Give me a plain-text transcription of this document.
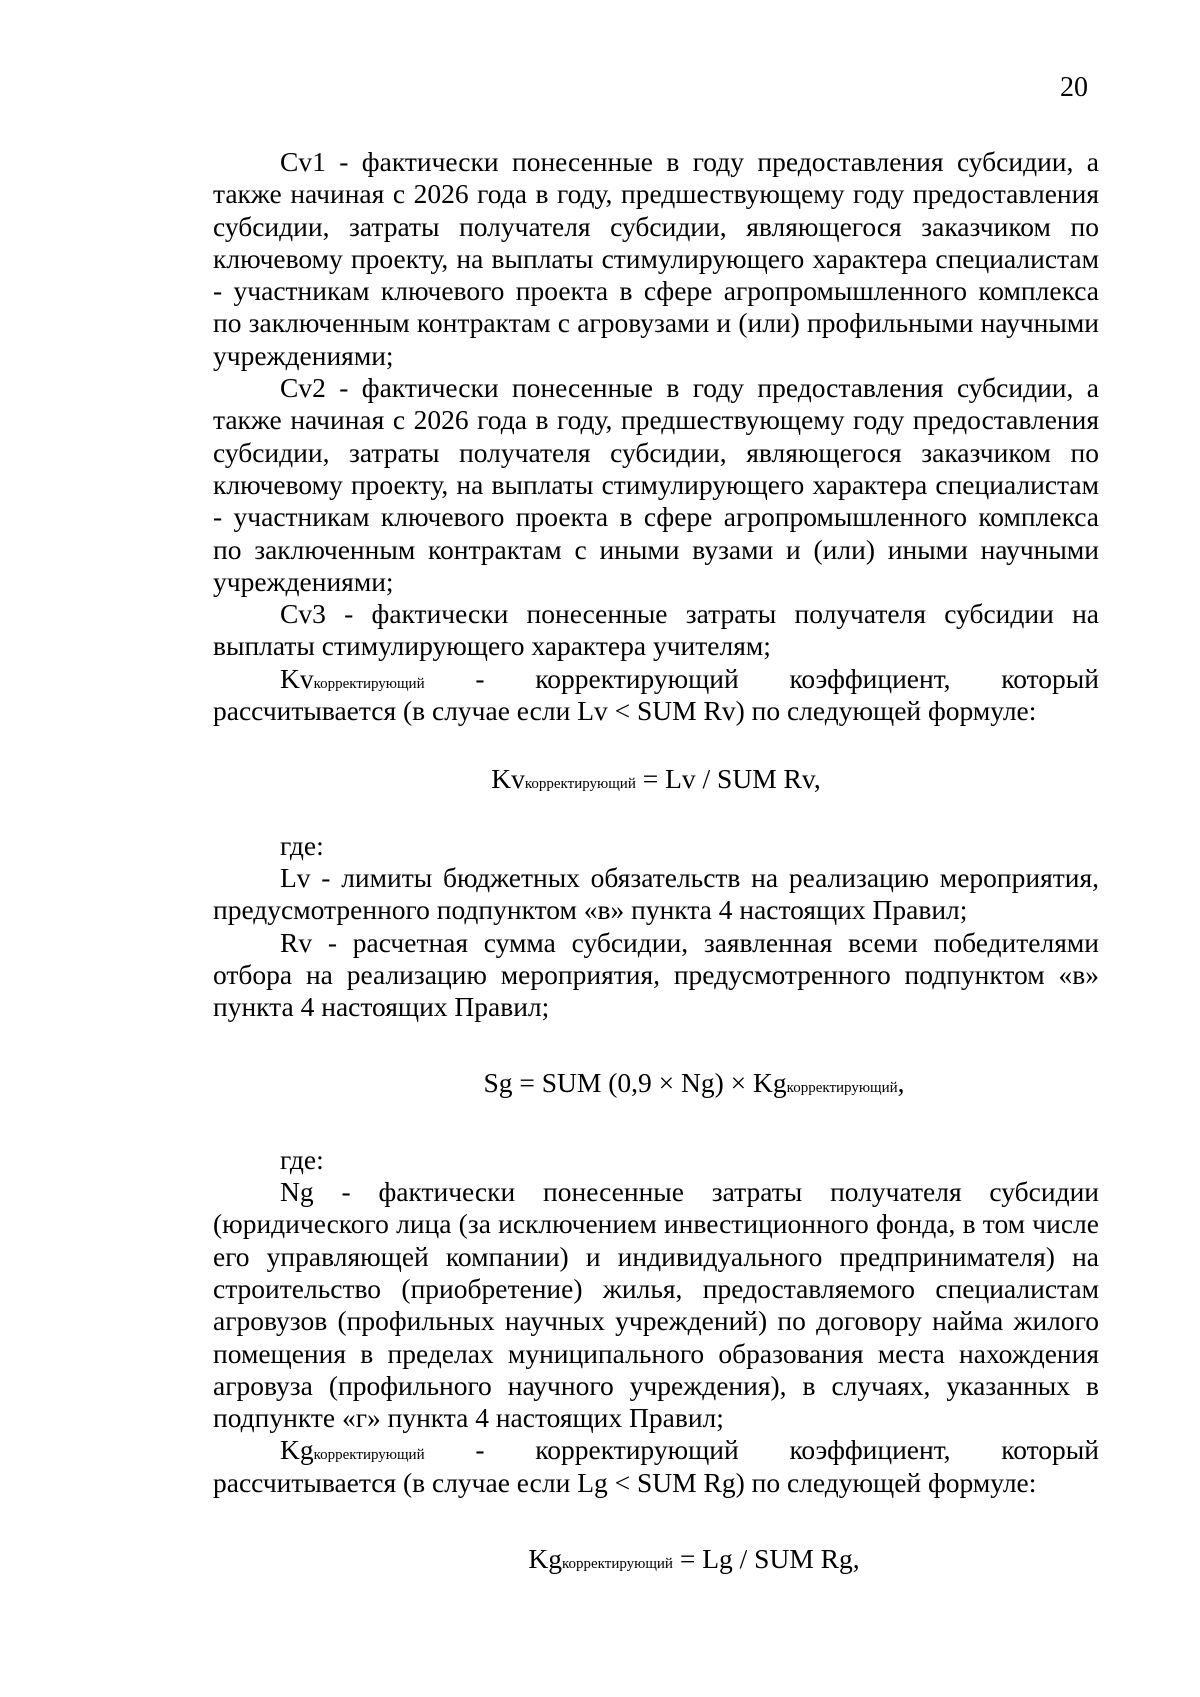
20

Cv1 - фактически понесенные в году предоставления субсидии, а также начиная с 2026 года в году, предшествующему году предоставления субсидии, затраты получателя субсидии, являющегося заказчиком по ключевому проекту, на выплаты стимулирующего характера специалистам - участникам ключевого проекта в сфере агропромышленного комплекса по заключенным контрактам с агровузами и (или) профильными научными учреждениями;

Cv2 - фактически понесенные в году предоставления субсидии, а также начиная с 2026 года в году, предшествующему году предоставления субсидии, затраты получателя субсидии, являющегося заказчиком по ключевому проекту, на выплаты стимулирующего характера специалистам - участникам ключевого проекта в сфере агропромышленного комплекса по заключенным контрактам с иными вузами и (или) иными научными учреждениями;

Cv3 - фактически понесенные затраты получателя субсидии на выплаты стимулирующего характера учителям;

Kvкорректирующий - корректирующий коэффициент, который рассчитывается (в случае если Lv < SUM Rv) по следующей формуле:

Kvкорректирующий = Lv / SUM Rv,

где:

Lv - лимиты бюджетных обязательств на реализацию мероприятия, предусмотренного подпунктом «в» пункта 4 настоящих Правил;

Rv - расчетная сумма субсидии, заявленная всеми победителями отбора на реализацию мероприятия, предусмотренного подпунктом «в» пункта 4 настоящих Правил;

Sg = SUM (0,9 × Ng) × Kgкорректирующий,

где:

Ng - фактически понесенные затраты получателя субсидии (юридического лица (за исключением инвестиционного фонда, в том числе его управляющей компании) и индивидуального предпринимателя) на строительство (приобретение) жилья, предоставляемого специалистам агровузов (профильных научных учреждений) по договору найма жилого помещения в пределах муниципального образования места нахождения агровуза (профильного научного учреждения), в случаях, указанных в подпункте «г» пункта 4 настоящих Правил;

Kgкорректирующий - корректирующий коэффициент, который рассчитывается (в случае если Lg < SUM Rg) по следующей формуле:

Kgкорректирующий = Lg / SUM Rg,
